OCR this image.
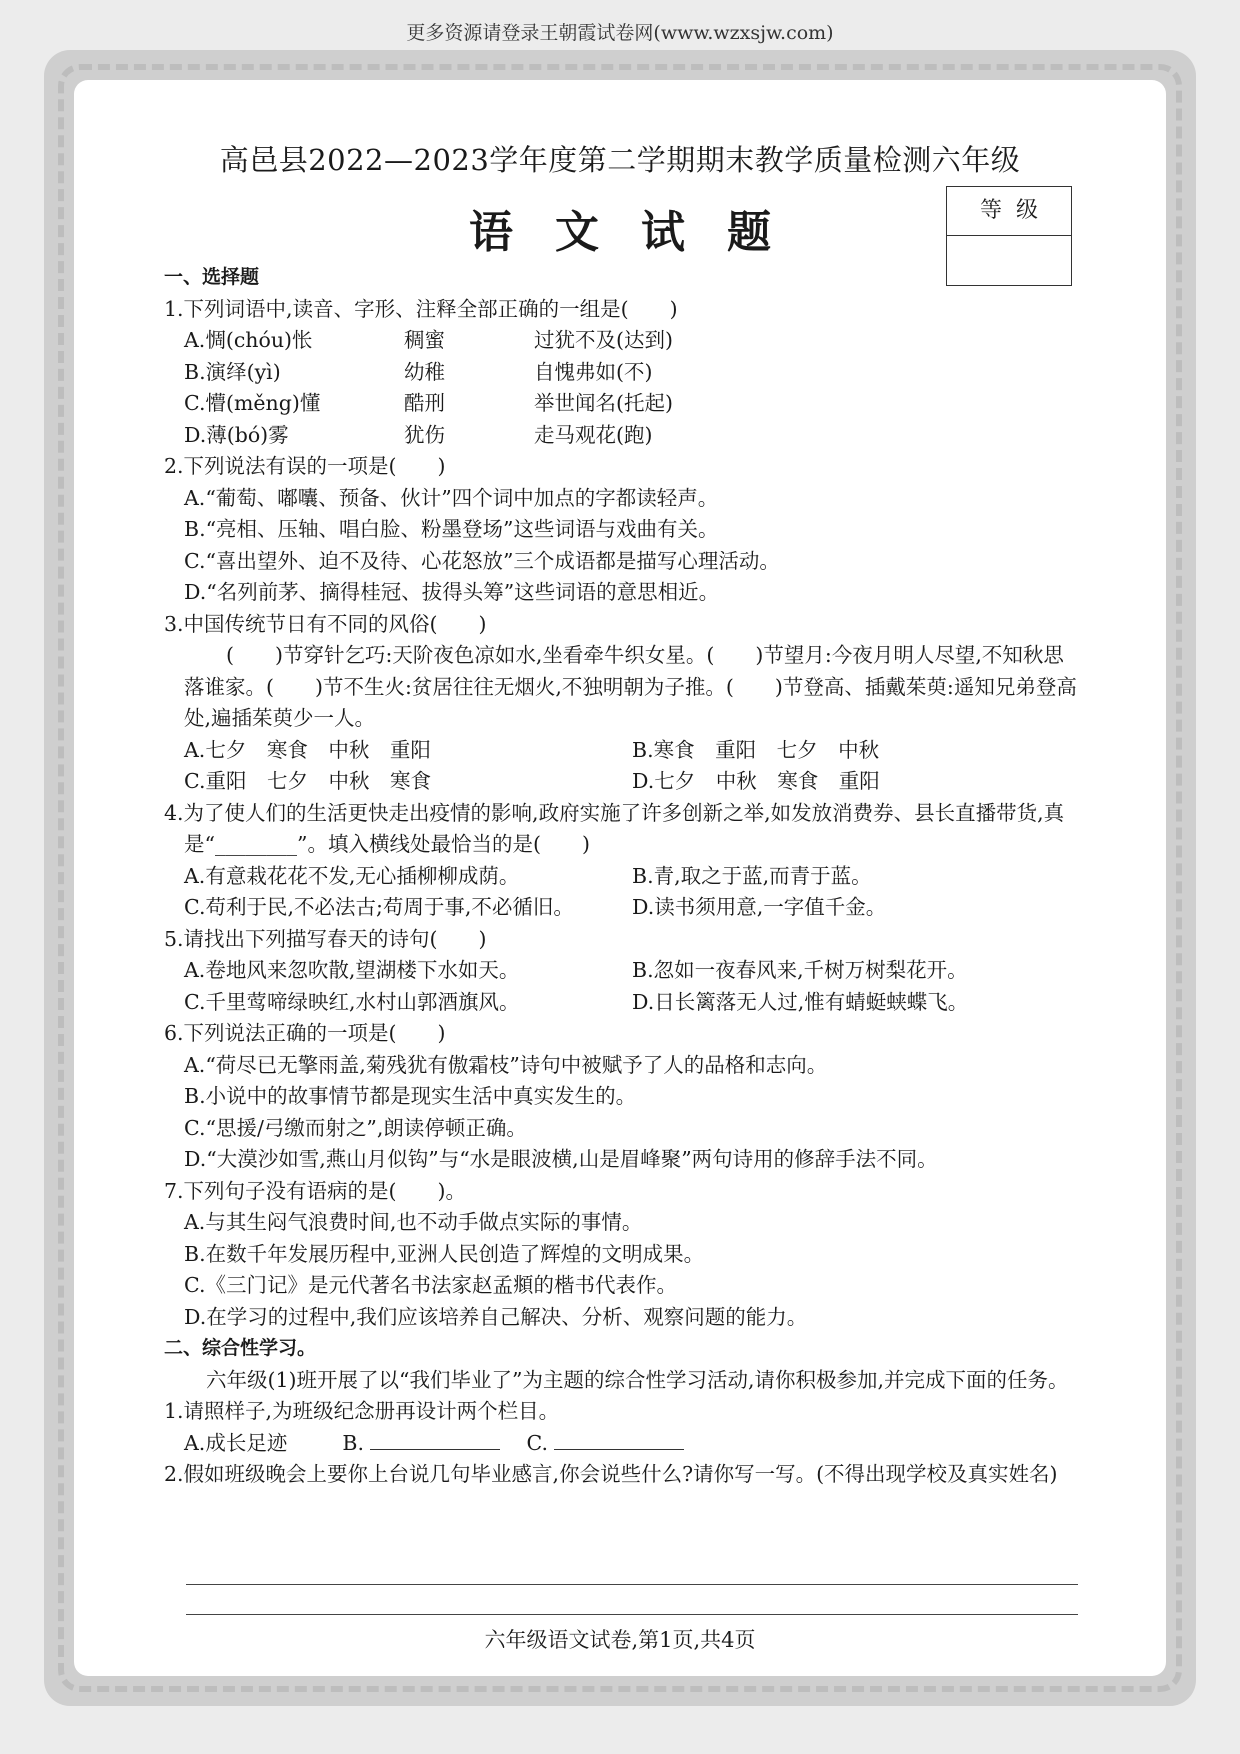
更多资源请登录王朝霞试卷网(www.wzxsjw.com)
高邑县2022—2023学年度第二学期期末教学质量检测六年级
语文试题	等级
一、选择题
1.下列词语中,读音、字形、注释全部正确的一组是(　　)
A.惆(chóu)怅	稠蜜	过犹不及(达到)
B.演绎(yì)	幼稚	自愧弗如(不)
C.懵(měng)懂	酷刑	举世闻名(托起)
D.薄(bó)雾	犹伤	走马观花(跑)
2.下列说法有误的一项是(　　)
A.“葡萄、嘟囔、预备、伙计”四个词中加点的字都读轻声。
B.“亮相、压轴、唱白脸、粉墨登场”这些词语与戏曲有关。
C.“喜出望外、迫不及待、心花怒放”三个成语都是描写心理活动。
D.“名列前茅、摘得桂冠、拔得头筹”这些词语的意思相近。
3.中国传统节日有不同的风俗(　　)
(　　)节穿针乞巧:天阶夜色凉如水,坐看牵牛织女星。(　　)节望月:今夜月明人尽望,不知秋思落谁家。(　　)节不生火:贫居往往无烟火,不独明朝为子推。(　　)节登高、插戴茱萸:遥知兄弟登高处,遍插茱萸少一人。
A.七夕　寒食　中秋　重阳	B.寒食　重阳　七夕　中秋
C.重阳　七夕　中秋　寒食	D.七夕　中秋　寒食　重阳
4.为了使人们的生活更快走出疫情的影响,政府实施了许多创新之举,如发放消费券、县长直播带货,真是“________”。填入横线处最恰当的是(　　)
A.有意栽花花不发,无心插柳柳成荫。	B.青,取之于蓝,而青于蓝。
C.苟利于民,不必法古;苟周于事,不必循旧。	D.读书须用意,一字值千金。
5.请找出下列描写春天的诗句(　　)
A.卷地风来忽吹散,望湖楼下水如天。	B.忽如一夜春风来,千树万树梨花开。
C.千里莺啼绿映红,水村山郭酒旗风。	D.日长篱落无人过,惟有蜻蜓蛱蝶飞。
6.下列说法正确的一项是(　　)
A.“荷尽已无擎雨盖,菊残犹有傲霜枝”诗句中被赋予了人的品格和志向。
B.小说中的故事情节都是现实生活中真实发生的。
C.“思援/弓缴而射之”,朗读停顿正确。
D.“大漠沙如雪,燕山月似钩”与“水是眼波横,山是眉峰聚”两句诗用的修辞手法不同。
7.下列句子没有语病的是(　　)。
A.与其生闷气浪费时间,也不动手做点实际的事情。
B.在数千年发展历程中,亚洲人民创造了辉煌的文明成果。
C.《三门记》是元代著名书法家赵孟頫的楷书代表作。
D.在学习的过程中,我们应该培养自己解决、分析、观察问题的能力。
二、综合性学习。
六年级(1)班开展了以“我们毕业了”为主题的综合性学习活动,请你积极参加,并完成下面的任务。
1.请照样子,为班级纪念册再设计两个栏目。
A.成长足迹	B.	C.
2.假如班级晚会上要你上台说几句毕业感言,你会说些什么?请你写一写。(不得出现学校及真实姓名)
六年级语文试卷,第1页,共4页
